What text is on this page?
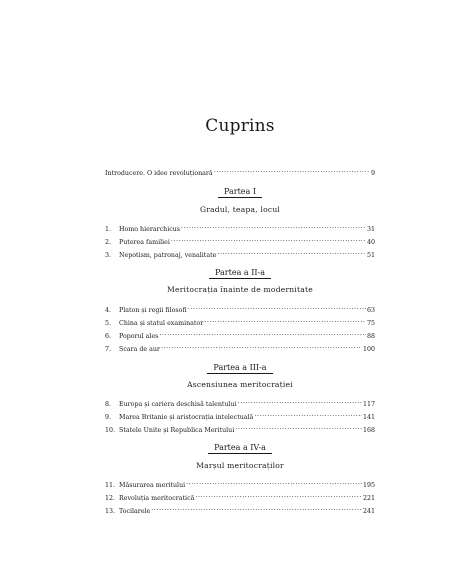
Cuprins
Introducere. O idee revoluționară .....	9
Partea I
Gradul, teapa, locul
1.	Homo hierarchicus .....	31
2.	Puterea familiei .....	40
3.	Nepotism, patronaj, venalitate .....	51
Partea a II-a
Meritocrația înainte de modernitate
4.	Platon și regii filosofi .....	63
5.	China și statul examinator .....	75
6.	Poporul ales .....	88
7.	Scara de aur .....	100
Partea a III-a
Ascensiunea meritocrației
8.	Europa și cariera deschisă talentului .....	117
9.	Marea Britanie și aristocrația intelectuală .....	141
10. Statele Unite și Republica Meritului .....	168
Partea a IV-a
Marșul meritocraților
11. Măsurarea meritului .....	195
12. Revoluția meritocratică .....	221
13. Tocilarele .....	241
